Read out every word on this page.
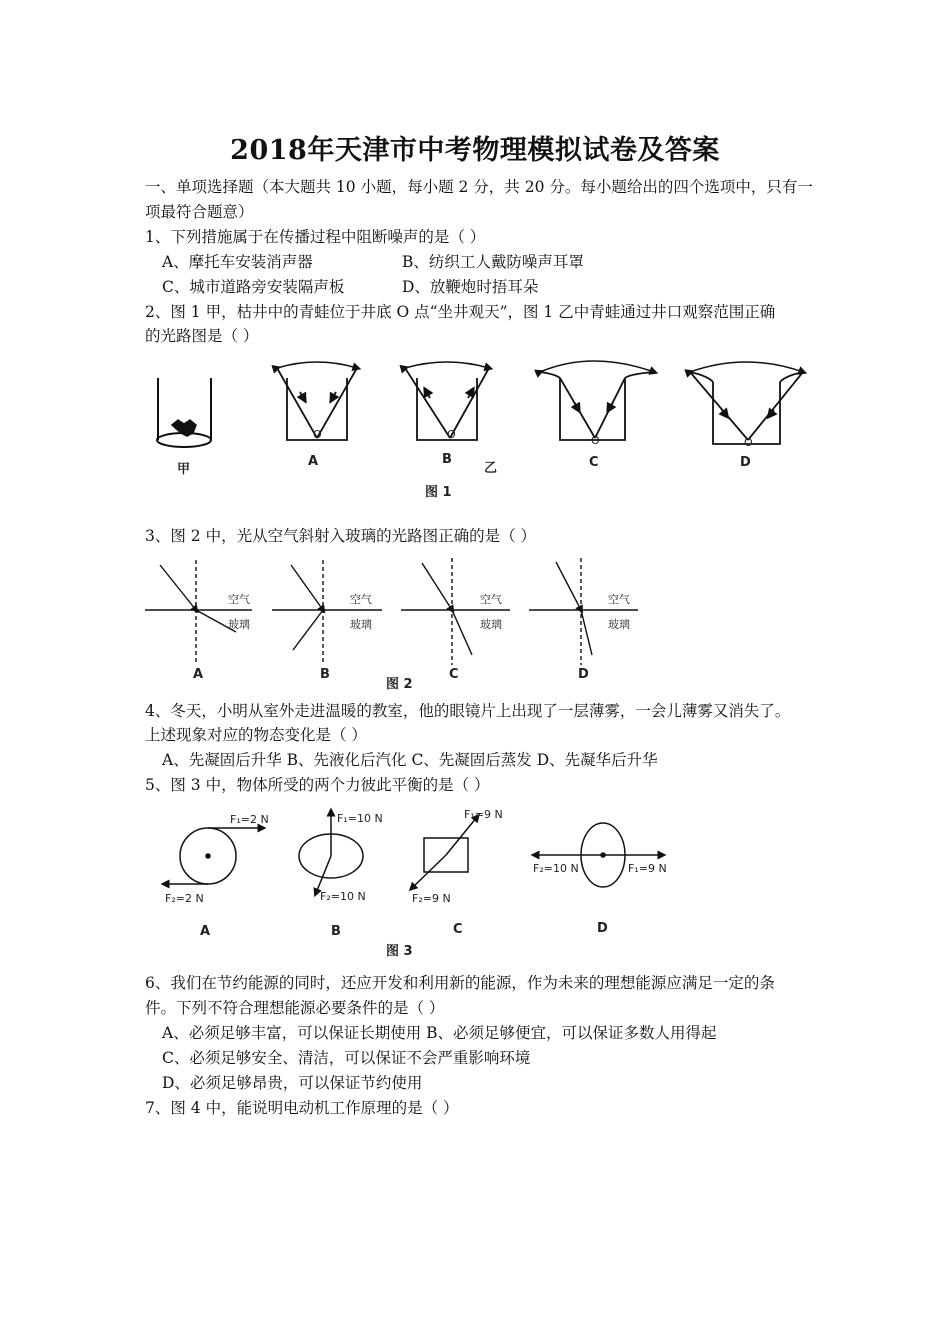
2018年天津市中考物理模拟试卷及答案
一、单项选择题（本大题共 10 小题，每小题 2 分，共 20 分。每小题给出的四个选项中，只有一
项最符合题意）
1、下列措施属于在传播过程中阻断噪声的是（ ）
A、摩托车安装消声器	B、纺织工人戴防噪声耳罩
C、城市道路旁安装隔声板	D、放鞭炮时捂耳朵
2、图 1 甲，枯井中的青蛙位于井底 O 点“坐井观天”，图 1 乙中青蛙通过井口观察范围正确
的光路图是（ ）
甲
O
A
O
B
乙
图 1
O
C
O
D
3、图 2 中，光从空气斜射入玻璃的光路图正确的是（ ）
空气
玻璃
空气
玻璃
空气
玻璃
空气
玻璃
A	B	C	D
图 2
4、冬天，小明从室外走进温暖的教室，他的眼镜片上出现了一层薄雾，一会儿薄雾又消失了。
上述现象对应的物态变化是（ ）
A、先凝固后升华 B、先液化后汽化 C、先凝固后蒸发 D、先凝华后升华
5、图 3 中，物体所受的两个力彼此平衡的是（ ）
F₁=2 N
F₂=2 N
F₁=10 N
F₂=10 N
F₁=9 N
F₂=9 N
F₁=9 N
F₂=10 N
A	B	C	D
图 3
6、我们在节约能源的同时，还应开发和利用新的能源，作为未来的理想能源应满足一定的条
件。下列不符合理想能源必要条件的是（ ）
A、必须足够丰富，可以保证长期使用 B、必须足够便宜，可以保证多数人用得起
C、必须足够安全、清洁，可以保证不会严重影响环境
D、必须足够昂贵，可以保证节约使用
7、图 4 中，能说明电动机工作原理的是（ ）
